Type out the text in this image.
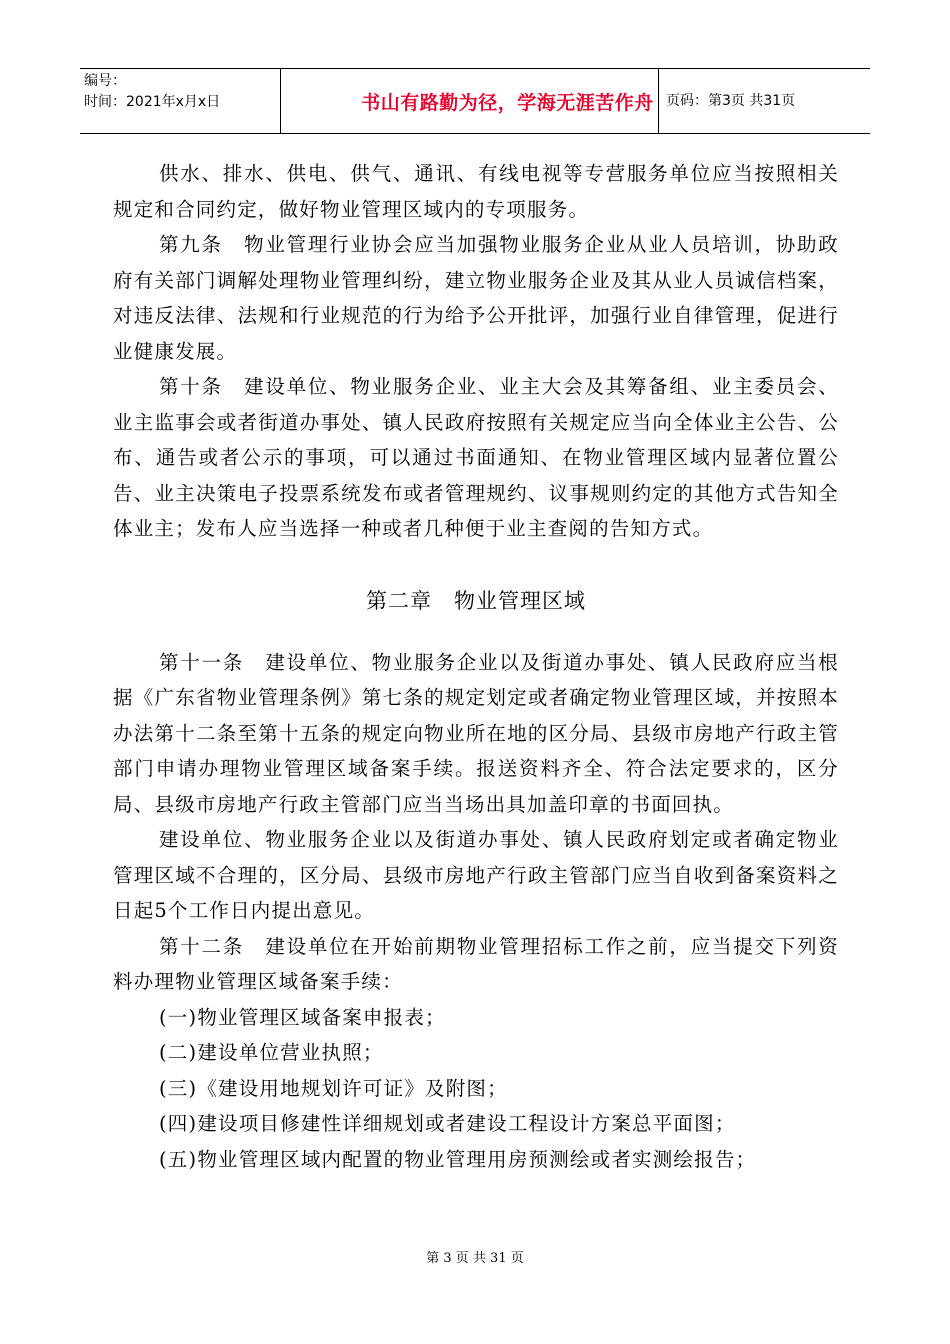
编号：
时间：2021年x月x日	书山有路勤为径，学海无涯苦作舟 页码：第3页 共31页

供水、排水、供电、供气、通讯、有线电视等专营服务单位应当按照相关规定和合同约定，做好物业管理区域内的专项服务。

第九条　物业管理行业协会应当加强物业服务企业从业人员培训，协助政府有关部门调解处理物业管理纠纷，建立物业服务企业及其从业人员诚信档案，对违反法律、法规和行业规范的行为给予公开批评，加强行业自律管理，促进行业健康发展。

第十条　建设单位、物业服务企业、业主大会及其筹备组、业主委员会、业主监事会或者街道办事处、镇人民政府按照有关规定应当向全体业主公告、公布、通告或者公示的事项，可以通过书面通知、在物业管理区域内显著位置公告、业主决策电子投票系统发布或者管理规约、议事规则约定的其他方式告知全体业主；发布人应当选择一种或者几种便于业主查阅的告知方式。

第二章　物业管理区域

第十一条　建设单位、物业服务企业以及街道办事处、镇人民政府应当根据《广东省物业管理条例》第七条的规定划定或者确定物业管理区域，并按照本办法第十二条至第十五条的规定向物业所在地的区分局、县级市房地产行政主管部门申请办理物业管理区域备案手续。报送资料齐全、符合法定要求的，区分局、县级市房地产行政主管部门应当当场出具加盖印章的书面回执。

建设单位、物业服务企业以及街道办事处、镇人民政府划定或者确定物业管理区域不合理的，区分局、县级市房地产行政主管部门应当自收到备案资料之日起5个工作日内提出意见。

第十二条　建设单位在开始前期物业管理招标工作之前，应当提交下列资料办理物业管理区域备案手续：

(一)物业管理区域备案申报表；

(二)建设单位营业执照；

(三)《建设用地规划许可证》及附图；

(四)建设项目修建性详细规划或者建设工程设计方案总平面图；

(五)物业管理区域内配置的物业管理用房预测绘或者实测绘报告；

第 3 页 共 31 页
